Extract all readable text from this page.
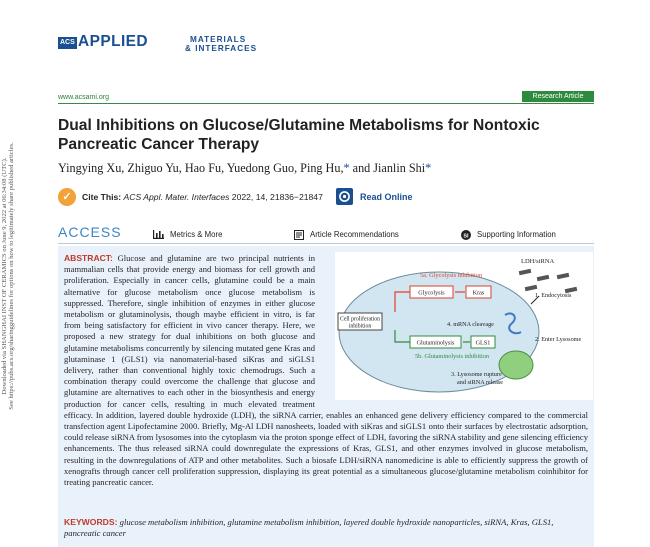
Downloaded via SHANGHAI INST OF CERAMICS on June 9, 2022 at 06:34:08 (UTC). See https://pubs.acs.org/sharingguidelines for options on how to legitimately share published articles.
ACS APPLIED	MATERIALS
& INTERFACES
www.acsami.org	Research Article
Dual Inhibitions on Glucose/Glutamine Metabolisms for Nontoxic Pancreatic Cancer Therapy
Yingying Xu, Zhiguo Yu, Hao Fu, Yuedong Guo, Ping Hu,* and Jianlin Shi*
✓	Cite This: ACS Appl. Mater. Interfaces 2022, 14, 21836−21847	Read Online
ACCESS	Metrics & More	Article Recommendations	SI Supporting Information

ABSTRACT: Glucose and glutamine are two principal nutrients in mammalian cells that provide energy and biomass for cell growth and proliferation. Especially in cancer cells, glutamine could be a main alternative for glucose metabolism once glucose metabolism is suppressed. Therefore, single inhibition of enzymes in either glucose metabolism or glutaminolysis, though maybe efficient in vitro, is far from being satisfactory for efficient in vivo cancer therapy. Here, we proposed a new strategy for dual inhibitions on both glucose and glutamine metabolisms concurrently by silencing mutated gene Kras and glutaminase 1 (GLS1) via nanomaterial-based siKras and siGLS1 delivery, rather than conventional highly toxic chemodrugs. Such a combination therapy could overcome the challenge that glucose and glutamine are alternatives to each other in the biosynthesis and energy production for cancer cells, resulting in much elevated treatment efficacy. In addition, layered double hydroxide (LDH), the siRNA carrier, enables an enhanced gene delivery efficiency compared to the commercial transfection agent Lipofectamine 2000. Briefly, Mg-Al LDH nanosheets, loaded with siKras and siGLS1 onto their surfaces by electrostatic adsorption, could release siRNA from lysosomes into the cytoplasm via the proton sponge effect of LDH, favoring the siRNA stability and gene silencing efficiency enhancements. The thus released siRNA could downregulate the expressions of Kras, GLS1, and other enzymes involved in glucose metabolism, resulting in the downregulations of ATP and other metabolites. Such a biosafe LDH/siRNA nanomedicine is able to efficiently suppress the growth of xenografts through cancer cell proliferation suppression, displaying its great potential as a simultaneous glucose/glutamine metabolism coinhibitor for treating pancreatic cancer.

KEYWORDS: glucose metabolism inhibition, glutamine metabolism inhibition, layered double hydroxide nanoparticles, siRNA, Kras, GLS1, pancreatic cancer

LDH/siRNA
1. Endocytosis
2. Enter Lysosome
5a. Glycolysis inhibition
Glycolysis	Kras
Cell proliferation
inhibition	4. mRNA cleavage
Glutaminolysis	GLS1
5b. Glutaminolysis inhibition
3. Lysosome rupture
and siRNA release
